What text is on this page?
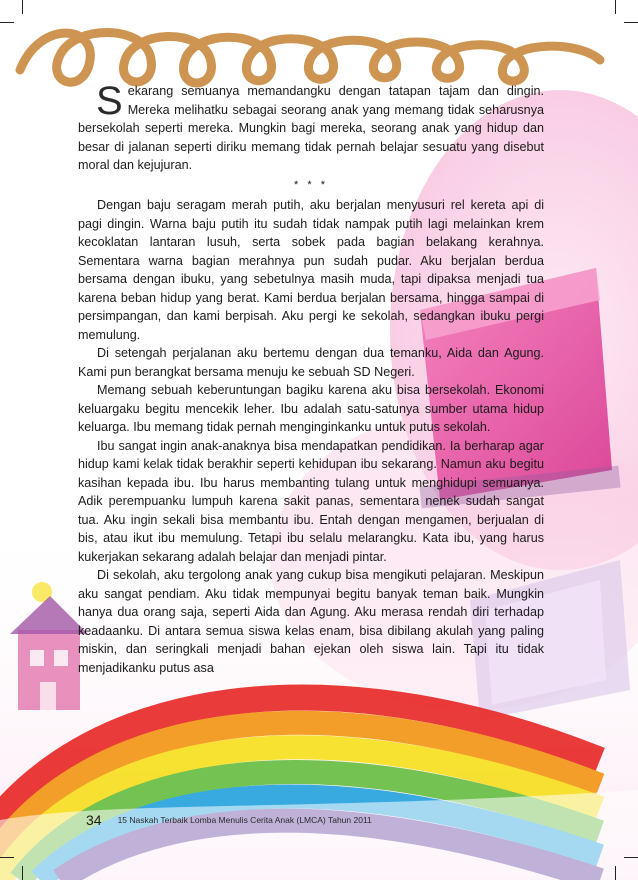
Sekarang semuanya memandangku dengan tatapan tajam dan dingin. Mereka melihatku sebagai seorang anak yang memang tidak seharusnya bersekolah seperti mereka. Mungkin bagi mereka, seorang anak yang hidup dan besar di jalanan seperti diriku memang tidak pernah belajar sesuatu yang disebut moral dan kejujuran.

* * *

Dengan baju seragam merah putih, aku berjalan menyusuri rel kereta api di pagi dingin. Warna baju putih itu sudah tidak nampak putih lagi melainkan krem kecoklatan lantaran lusuh, serta sobek pada bagian belakang kerahnya. Sementara warna bagian merahnya pun sudah pudar. Aku berjalan berdua bersama dengan ibuku, yang sebetulnya masih muda, tapi dipaksa menjadi tua karena beban hidup yang berat. Kami berdua berjalan bersama, hingga sampai di persimpangan, dan kami berpisah. Aku pergi ke sekolah, sedangkan ibuku pergi memulung.

Di setengah perjalanan aku bertemu dengan dua temanku, Aida dan Agung. Kami pun berangkat bersama menuju ke sebuah SD Negeri.

Memang sebuah keberuntungan bagiku karena aku bisa bersekolah. Ekonomi keluargaku begitu mencekik leher. Ibu adalah satu-satunya sumber utama hidup keluarga. Ibu memang tidak pernah menginginkanku untuk putus sekolah.

Ibu sangat ingin anak-anaknya bisa mendapatkan pendidikan. Ia berharap agar hidup kami kelak tidak berakhir seperti kehidupan ibu sekarang. Namun aku begitu kasihan kepada ibu. Ibu harus membanting tulang untuk menghidupi semuanya. Adik perempuanku lumpuh karena sakit panas, sementara nenek sudah sangat tua. Aku ingin sekali bisa membantu ibu. Entah dengan mengamen, berjualan di bis, atau ikut ibu memulung. Tetapi ibu selalu melarangku. Kata ibu, yang harus kukerjakan sekarang adalah belajar dan menjadi pintar.

Di sekolah, aku tergolong anak yang cukup bisa mengikuti pelajaran. Meskipun aku sangat pendiam. Aku tidak mempunyai begitu banyak teman baik. Mungkin hanya dua orang saja, seperti Aida dan Agung. Aku merasa rendah diri terhadap keadaanku. Di antara semua siswa kelas enam, bisa dibilang akulah yang paling miskin, dan seringkali menjadi bahan ejekan oleh siswa lain. Tapi itu tidak menjadikanku putus asa

34 15 Naskah Terbaik Lomba Menulis Cerita Anak (LMCA) Tahun 2011
